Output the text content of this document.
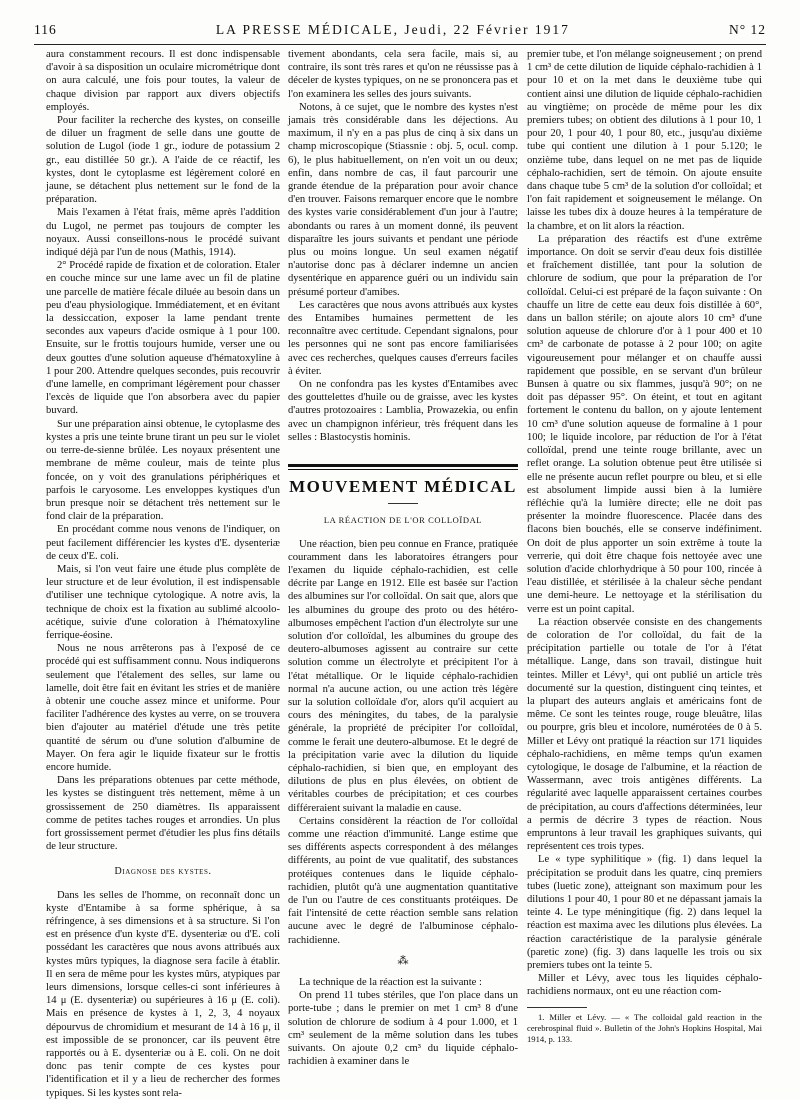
116	LA PRESSE MÉDICALE, Jeudi, 22 Février 1917	N° 12

aura constamment recours. Il est donc indispensable d'avoir à sa disposition un oculaire micrométrique dont on aura calculé, une fois pour toutes, la valeur de chaque division par rapport aux divers objectifs employés.

Pour faciliter la recherche des kystes, on conseille de diluer un fragment de selle dans une goutte de solution de Lugol (iode 1 gr., iodure de potassium 2 gr., eau distillée 50 gr.). A l'aide de ce réactif, les kystes, dont le cytoplasme est légèrement coloré en jaune, se détachent plus nettement sur le fond de la préparation.

Mais l'examen à l'état frais, même après l'addition du Lugol, ne permet pas toujours de compter les noyaux. Aussi conseillons-nous le procédé suivant indiqué déjà par l'un de nous (Mathis, 1914).

2° Procédé rapide de fixation et de coloration. Etaler en couche mince sur une lame avec un fil de platine une parcelle de matière fécale diluée au besoin dans un peu d'eau physiologique. Immédiatement, et en évitant la dessiccation, exposer la lame pendant trente secondes aux vapeurs d'acide osmique à 1 pour 100. Ensuite, sur le frottis toujours humide, verser une ou deux gouttes d'une solution aqueuse d'hématoxyline à 1 pour 200. Attendre quelques secondes, puis recouvrir d'une lamelle, en comprimant légèrement pour chasser l'excès de liquide que l'on absorbera avec du papier buvard.

Sur une préparation ainsi obtenue, le cytoplasme des kystes a pris une teinte brune tirant un peu sur le violet ou terre-de-sienne brûlée. Les noyaux présentent une membrane de même couleur, mais de teinte plus foncée, on y voit des granulations périphériques et parfois le caryosome. Les enveloppes kystiques d'un brun presque noir se détachent très nettement sur le fond clair de la préparation.

En procédant comme nous venons de l'indiquer, on peut facilement différencier les kystes d'E. dysenteriæ de ceux d'E. coli.

Mais, si l'on veut faire une étude plus complète de leur structure et de leur évolution, il est indispensable d'utiliser une technique cytologique. A notre avis, la technique de choix est la fixation au sublimé alcoolo-acétique, suivie d'une coloration à l'hématoxyline ferrique-éosine.

Nous ne nous arrêterons pas à l'exposé de ce procédé qui est suffisamment connu. Nous indiquerons seulement que l'étalement des selles, sur lame ou lamelle, doit être fait en évitant les stries et de manière à obtenir une couche assez mince et uniforme. Pour faciliter l'adhérence des kystes au verre, on se trouvera bien d'ajouter au matériel d'étude une très petite quantité de sérum ou d'une solution d'albumine de Mayer. On fera agir le liquide fixateur sur le frottis encore humide.

Dans les préparations obtenues par cette méthode, les kystes se distinguent très nettement, même à un grossissement de 250 diamètres. Ils apparaissent comme de petites taches rouges et arrondies. Un plus fort grossissement permet d'étudier les plus fins détails de leur structure.

Diagnose des kystes.

Dans les selles de l'homme, on reconnaît donc un kyste d'Entamibe à sa forme sphérique, à sa réfringence, à ses dimensions et à sa structure. Si l'on est en présence d'un kyste d'E. dysenteriæ ou d'E. coli possédant les caractères que nous avons attribués aux kystes mûrs typiques, la diagnose sera facile à établir. Il en sera de même pour les kystes mûrs, atypiques par leurs dimensions, lorsque celles-ci sont inférieures à 14 μ (E. dysenteriæ) ou supérieures à 16 μ (E. coli). Mais en présence de kystes à 1, 2, 3, 4 noyaux dépourvus de chromidium et mesurant de 14 à 16 μ, il est impossible de se prononcer, car ils peuvent être rapportés ou à E. dysenteriæ ou à E. coli. On ne doit donc pas tenir compte de ces kystes pour l'identification et il y a lieu de rechercher des formes typiques. Si les kystes sont rela-

tivement abondants, cela sera facile, mais si, au contraire, ils sont très rares et qu'on ne réussisse pas à déceler de kystes typiques, on ne se prononcera pas et l'on examinera les selles des jours suivants.

Notons, à ce sujet, que le nombre des kystes n'est jamais très considérable dans les déjections. Au maximum, il n'y en a pas plus de cinq à six dans un champ microscopique (Stiassnie : obj. 5, ocul. comp. 6), le plus habituellement, on n'en voit un ou deux; enfin, dans nombre de cas, il faut parcourir une grande étendue de la préparation pour avoir chance d'en trouver. Faisons remarquer encore que le nombre des kystes varie considérablement d'un jour à l'autre; abondants ou rares à un moment donné, ils peuvent disparaître les jours suivants et pendant une période plus ou moins longue. Un seul examen négatif n'autorise donc pas à déclarer indemne un ancien dysentérique en apparence guéri ou un individu sain présumé porteur d'amibes.

Les caractères que nous avons attribués aux kystes des Entamibes humaines permettent de les reconnaître avec certitude. Cependant signalons, pour les personnes qui ne sont pas encore familiarisées avec ces recherches, quelques causes d'erreurs faciles à éviter.

On ne confondra pas les kystes d'Entamibes avec des gouttelettes d'huile ou de graisse, avec les kystes d'autres protozoaires : Lamblia, Prowazekia, ou enfin avec un champignon inférieur, très fréquent dans les selles : Blastocystis hominis.

MOUVEMENT MÉDICAL
LA RÉACTION DE L'OR COLLOÏDAL

Une réaction, bien peu connue en France, pratiquée couramment dans les laboratoires étrangers pour l'examen du liquide céphalo-rachidien, est celle décrite par Lange en 1912. Elle est basée sur l'action des albumines sur l'or colloïdal. On sait que, alors que les albumines du groupe des proto ou des hétéro-albumoses empêchent l'action d'un électrolyte sur une solution d'or colloïdal, les albumines du groupe des deutero-albumoses agissent au contraire sur cette solution comme un électrolyte et précipitent l'or à l'état métallique. Or le liquide céphalo-rachidien normal n'a aucune action, ou une action très légère sur la solution colloïdale d'or, alors qu'il acquiert au cours des méningites, du tabes, de la paralysie générale, la propriété de précipiter l'or colloïdal, comme le ferait une deutero-albumose. Et le degré de la précipitation varie avec la dilution du liquide céphalo-rachidien, si bien que, en employant des dilutions de plus en plus élevées, on obtient de véritables courbes de précipitation; et ces courbes différeraient suivant la maladie en cause.

Certains considèrent la réaction de l'or colloïdal comme une réaction d'immunité. Lange estime que ses différents aspects correspondent à des mélanges différents, au point de vue qualitatif, des substances protéiques contenues dans le liquide céphalo-rachidien, plutôt qu'à une augmentation quantitative de l'un ou l'autre de ces constituants protéiques. De fait l'intensité de cette réaction semble sans relation aucune avec le degré de l'albuminose céphalo-rachidienne.

⁂

La technique de la réaction est la suivante :

On prend 11 tubes stériles, que l'on place dans un porte-tube ; dans le premier on met 1 cm³ 8 d'une solution de chlorure de sodium à 4 pour 1.000, et 1 cm³ seulement de la même solution dans les tubes suivants. On ajoute 0,2 cm³ du liquide céphalo-rachidien à examiner dans le

premier tube, et l'on mélange soigneusement ; on prend 1 cm³ de cette dilution de liquide céphalo-rachidien à 1 pour 10 et on la met dans le deuxième tube qui contient ainsi une dilution de liquide céphalo-rachidien au vingtième; on procède de même pour les dix premiers tubes; on obtient des dilutions à 1 pour 10, 1 pour 20, 1 pour 40, 1 pour 80, etc., jusqu'au dixième tube qui contient une dilution à 1 pour 5.120; le onzième tube, dans lequel on ne met pas de liquide céphalo-rachidien, sert de témoin. On ajoute ensuite dans chaque tube 5 cm³ de la solution d'or colloïdal; et l'on fait rapidement et soigneusement le mélange. On laisse les tubes dix à douze heures à la température de la chambre, et on lit alors la réaction.

La préparation des réactifs est d'une extrême importance. On doit se servir d'eau deux fois distillée et fraîchement distillée, tant pour la solution de chlorure de sodium, que pour la préparation de l'or colloïdal. Celui-ci est préparé de la façon suivante : On chauffe un litre de cette eau deux fois distillée à 60°, dans un ballon stérile; on ajoute alors 10 cm³ d'une solution aqueuse de chlorure d'or à 1 pour 400 et 10 cm³ de carbonate de potasse à 2 pour 100; on agite vigoureusement pour mélanger et on chauffe aussi rapidement que possible, en se servant d'un brûleur Bunsen à quatre ou six flammes, jusqu'à 90°; on ne doit pas dépasser 95°. On éteint, et tout en agitant fortement le contenu du ballon, on y ajoute lentement 10 cm³ d'une solution aqueuse de formaline à 1 pour 100; le liquide incolore, par réduction de l'or à l'état colloïdal, prend une teinte rouge brillante, avec un reflet orange. La solution obtenue peut être utilisée si elle ne présente aucun reflet pourpre ou bleu, et si elle est absolument limpide aussi bien à la lumière réfléchie qu'à la lumière directe; elle ne doit pas présenter la moindre fluorescence. Placée dans des flacons bien bouchés, elle se conserve indéfiniment. On doit de plus apporter un soin extrême à toute la verrerie, qui doit être chaque fois nettoyée avec une solution d'acide chlorhydrique à 50 pour 100, rincée à l'eau distillée, et stérilisée à la chaleur sèche pendant une demi-heure. Le nettoyage et la stérilisation du verre est un point capital.

La réaction observée consiste en des changements de coloration de l'or colloïdal, du fait de la précipitation partielle ou totale de l'or à l'état métallique. Lange, dans son travail, distingue huit teintes. Miller et Lévy¹, qui ont publié un article très documenté sur la question, distinguent cinq teintes, et la plupart des auteurs anglais et américains font de même. Ce sont les teintes rouge, rouge bleuâtre, lilas ou pourpre, gris bleu et incolore, numérotées de 0 à 5. Miller et Lévy ont pratiqué la réaction sur 171 liquides céphalo-rachidiens, en même temps qu'un examen cytologique, le dosage de l'albumine, et la réaction de Wassermann, avec trois antigènes différents. La régularité avec laquelle apparaissent certaines courbes de précipitation, au cours d'affections déterminées, leur a permis de décrire 3 types de réaction. Nous empruntons à leur travail les graphiques suivants, qui représentent ces trois types.

Le « type syphilitique » (fig. 1) dans lequel la précipitation se produit dans les quatre, cinq premiers tubes (luetic zone), atteignant son maximum pour les dilutions 1 pour 40, 1 pour 80 et ne dépassant jamais la teinte 4. Le type méningitique (fig. 2) dans lequel la réaction est maxima avec les dilutions plus élevées. La réaction caractéristique de la paralysie générale (paretic zone) (fig. 3) dans laquelle les trois ou six premiers tubes ont la teinte 5.

Miller et Lévy, avec tous les liquides céphalo-rachidiens normaux, ont eu une réaction com-

1. Miller et Lévy. — « The colloidal gald reaction in the cerebrospinal fluid ». Bulletin of the John's Hopkins Hospital, Mai 1914, p. 133.
